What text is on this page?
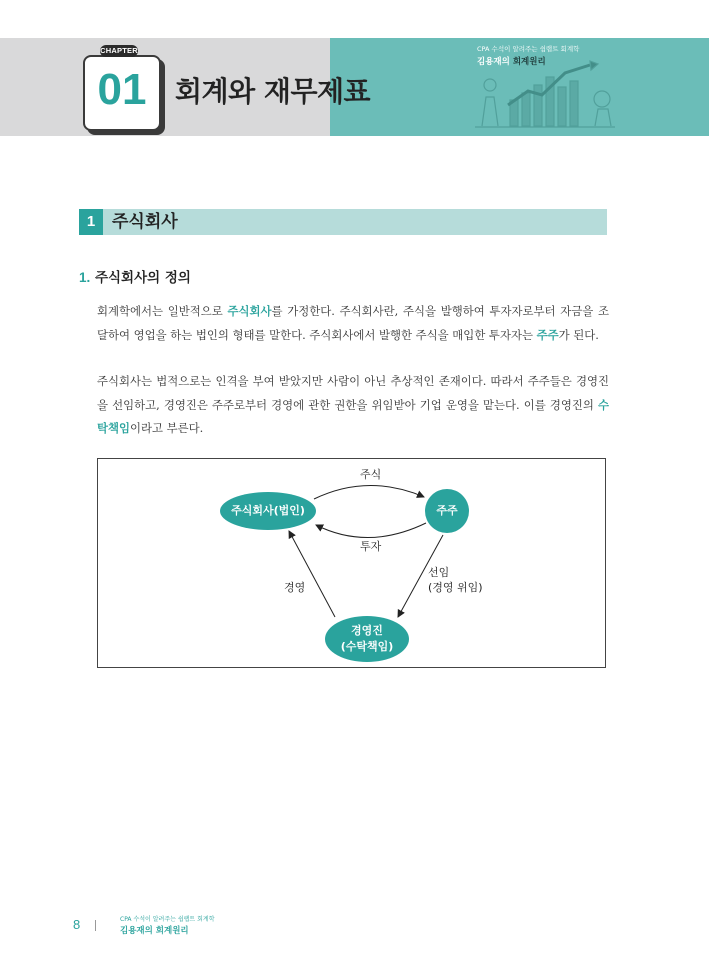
CPA 수석이 알려주는 쉽랩트 회계학
김용재의 회계원리
CHAPTER
01	회계와 재무제표
1 주식회사
1. 주식회사의 정의
회계학에서는 일반적으로 주식회사를 가정한다. 주식회사란, 주식을 발행하여 투자자로부터 자금을 조달하여 영업을 하는 법인의 형태를 말한다. 주식회사에서 발행한 주식을 매입한 투자자는 주주가 된다.
주식회사는 법적으로는 인격을 부여 받았지만 사람이 아닌 추상적인 존재이다. 따라서 주주들은 경영진을 선임하고, 경영진은 주주로부터 경영에 관한 권한을 위임받아 기업 운영을 맡는다. 이를 경영진의 수탁책임이라고 부른다.
주식회사(법인)	주주
경영진
(수탁책임)
주식
투자
경영
선임
(경영 위임)
8	CPA 수석이 알려주는 쉽랩트 회계학
김용재의 회계원리
